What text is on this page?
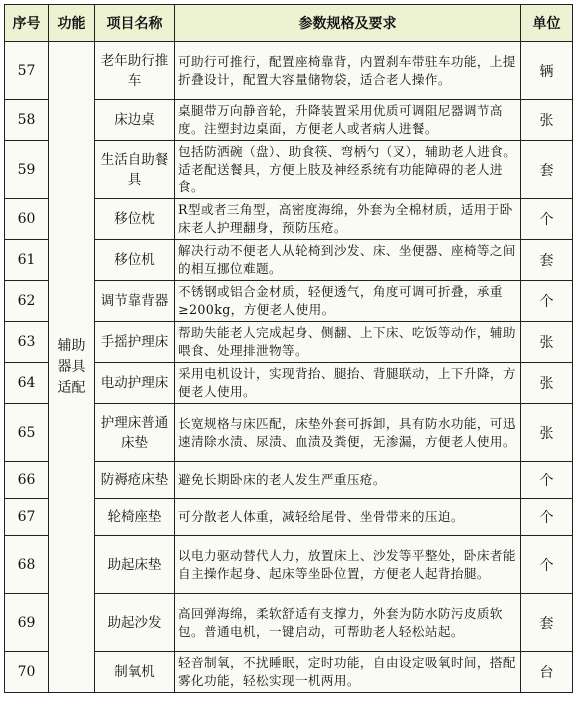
序号	功能	项目名称	参数规格及要求	单位
57	辅助器具适配	老年助行推车	可助行可推行，配置座椅靠背，内置刹车带驻车功能，上提折叠设计，配置大容量储物袋，适合老人操作。	辆
58		床边桌	桌腿带万向静音轮，升降装置采用优质可调阻尼器调节高度。注塑封边桌面，方便老人或者病人进餐。	张
59		生活自助餐具	包括防洒碗（盘）、助食筷、弯柄勺（叉），辅助老人进食。适老配送餐具，方便上肢及神经系统有功能障碍的老人进食。	套
60		移位枕	R型或者三角型，高密度海绵，外套为全棉材质，适用于卧床老人护理翻身，预防压疮。	个
61		移位机	解决行动不便老人从轮椅到沙发、床、坐便器、座椅等之间的相互挪位难题。	套
62		调节靠背器	不锈钢或铝合金材质，轻便透气，角度可调可折叠，承重≥200kg，方便老人使用。	个
63		手摇护理床	帮助失能老人完成起身、侧翻、上下床、吃饭等动作，辅助喂食、处理排泄物等。	张
64		电动护理床	采用电机设计，实现背抬、腿抬、背腿联动，上下升降，方便老人使用。	张
65		护理床普通床垫	长宽规格与床匹配，床垫外套可拆卸，具有防水功能，可迅速清除水渍、尿渍、血渍及粪便，无渗漏，方便老人使用。	张
66		防褥疮床垫	避免长期卧床的老人发生严重压疮。	个
67		轮椅座垫	可分散老人体重，减轻给尾骨、坐骨带来的压迫。	个
68		助起床垫	以电力驱动替代人力，放置床上、沙发等平整处，卧床者能自主操作起身、起床等坐卧位置，方便老人起背抬腿。	个
69		助起沙发	高回弹海绵，柔软舒适有支撑力，外套为防水防污皮质软包。普通电机，一键启动，可帮助老人轻松站起。	套
70		制氧机	轻音制氧，不扰睡眠，定时功能，自由设定吸氧时间，搭配雾化功能，轻松实现一机两用。	台
